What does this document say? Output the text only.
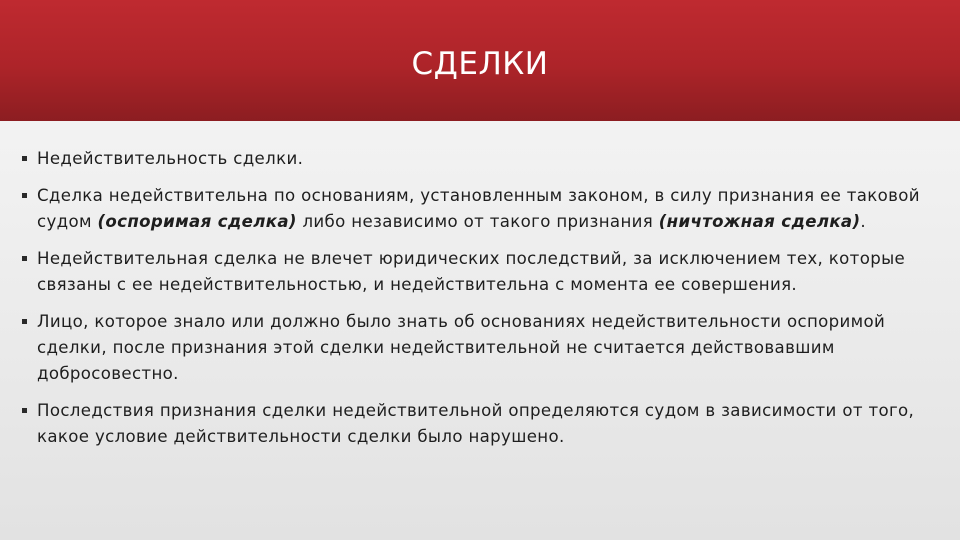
СДЕЛКИ
Недействительность сделки.
Сделка недействительна по основаниям, установленным законом, в силу признания ее таковой судом (оспоримая сделка) либо независимо от такого признания (ничтожная сделка).
Недействительная сделка не влечет юридических последствий, за исключением тех, которые связаны с ее недействительностью, и недействительна с момента ее совершения.
Лицо, которое знало или должно было знать об основаниях недействительности оспоримой сделки, после признания этой сделки недействительной не считается действовавшим добросовестно.
Последствия признания сделки недействительной определяются судом в зависимости от того, какое условие действительности сделки было нарушено.
